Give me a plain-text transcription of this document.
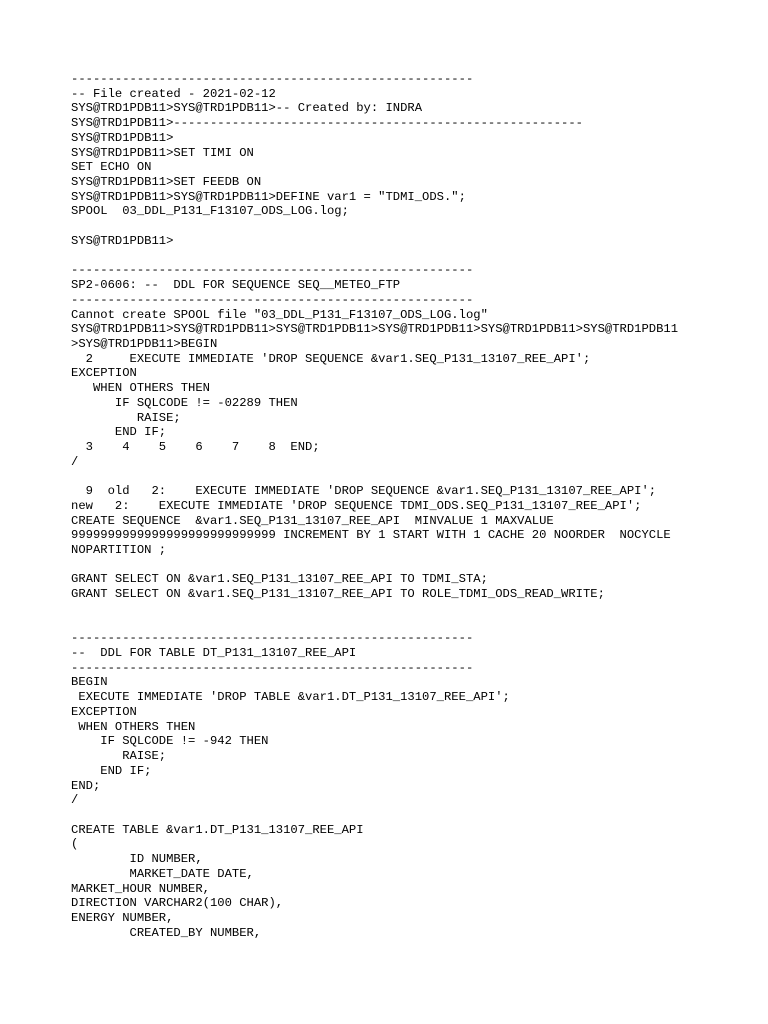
-------------------------------------------------------
-- File created - 2021-02-12
SYS@TRD1PDB11>SYS@TRD1PDB11>-- Created by: INDRA
SYS@TRD1PDB11>--------------------------------------------------------
SYS@TRD1PDB11>
SYS@TRD1PDB11>SET TIMI ON
SET ECHO ON
SYS@TRD1PDB11>SET FEEDB ON
SYS@TRD1PDB11>SYS@TRD1PDB11>DEFINE var1 = "TDMI_ODS.";
SPOOL  03_DDL_P131_F13107_ODS_LOG.log;
SYS@TRD1PDB11>
-------------------------------------------------------
SP2-0606: --  DDL FOR SEQUENCE SEQ__METEO_FTP
-------------------------------------------------------
Cannot create SPOOL file "03_DDL_P131_F13107_ODS_LOG.log"
SYS@TRD1PDB11>SYS@TRD1PDB11>SYS@TRD1PDB11>SYS@TRD1PDB11>SYS@TRD1PDB11>SYS@TRD1PDB11
>SYS@TRD1PDB11>BEGIN
2     EXECUTE IMMEDIATE 'DROP SEQUENCE &var1.SEQ_P131_13107_REE_API';
EXCEPTION
WHEN OTHERS THEN
IF SQLCODE != -02289 THEN
RAISE;
END IF;
3    4    5    6    7    8  END;
/
9  old   2:    EXECUTE IMMEDIATE 'DROP SEQUENCE &var1.SEQ_P131_13107_REE_API';
new   2:    EXECUTE IMMEDIATE 'DROP SEQUENCE TDMI_ODS.SEQ_P131_13107_REE_API';
CREATE SEQUENCE  &var1.SEQ_P131_13107_REE_API  MINVALUE 1 MAXVALUE
9999999999999999999999999999 INCREMENT BY 1 START WITH 1 CACHE 20 NOORDER  NOCYCLE
NOPARTITION ;
GRANT SELECT ON &var1.SEQ_P131_13107_REE_API TO TDMI_STA;
GRANT SELECT ON &var1.SEQ_P131_13107_REE_API TO ROLE_TDMI_ODS_READ_WRITE;
-------------------------------------------------------
--  DDL FOR TABLE DT_P131_13107_REE_API
-------------------------------------------------------
BEGIN
EXECUTE IMMEDIATE 'DROP TABLE &var1.DT_P131_13107_REE_API';
EXCEPTION
WHEN OTHERS THEN
IF SQLCODE != -942 THEN
RAISE;
END IF;
END;
/
CREATE TABLE &var1.DT_P131_13107_REE_API
(
ID NUMBER,
MARKET_DATE DATE,
MARKET_HOUR NUMBER,
DIRECTION VARCHAR2(100 CHAR),
ENERGY NUMBER,
CREATED_BY NUMBER,
